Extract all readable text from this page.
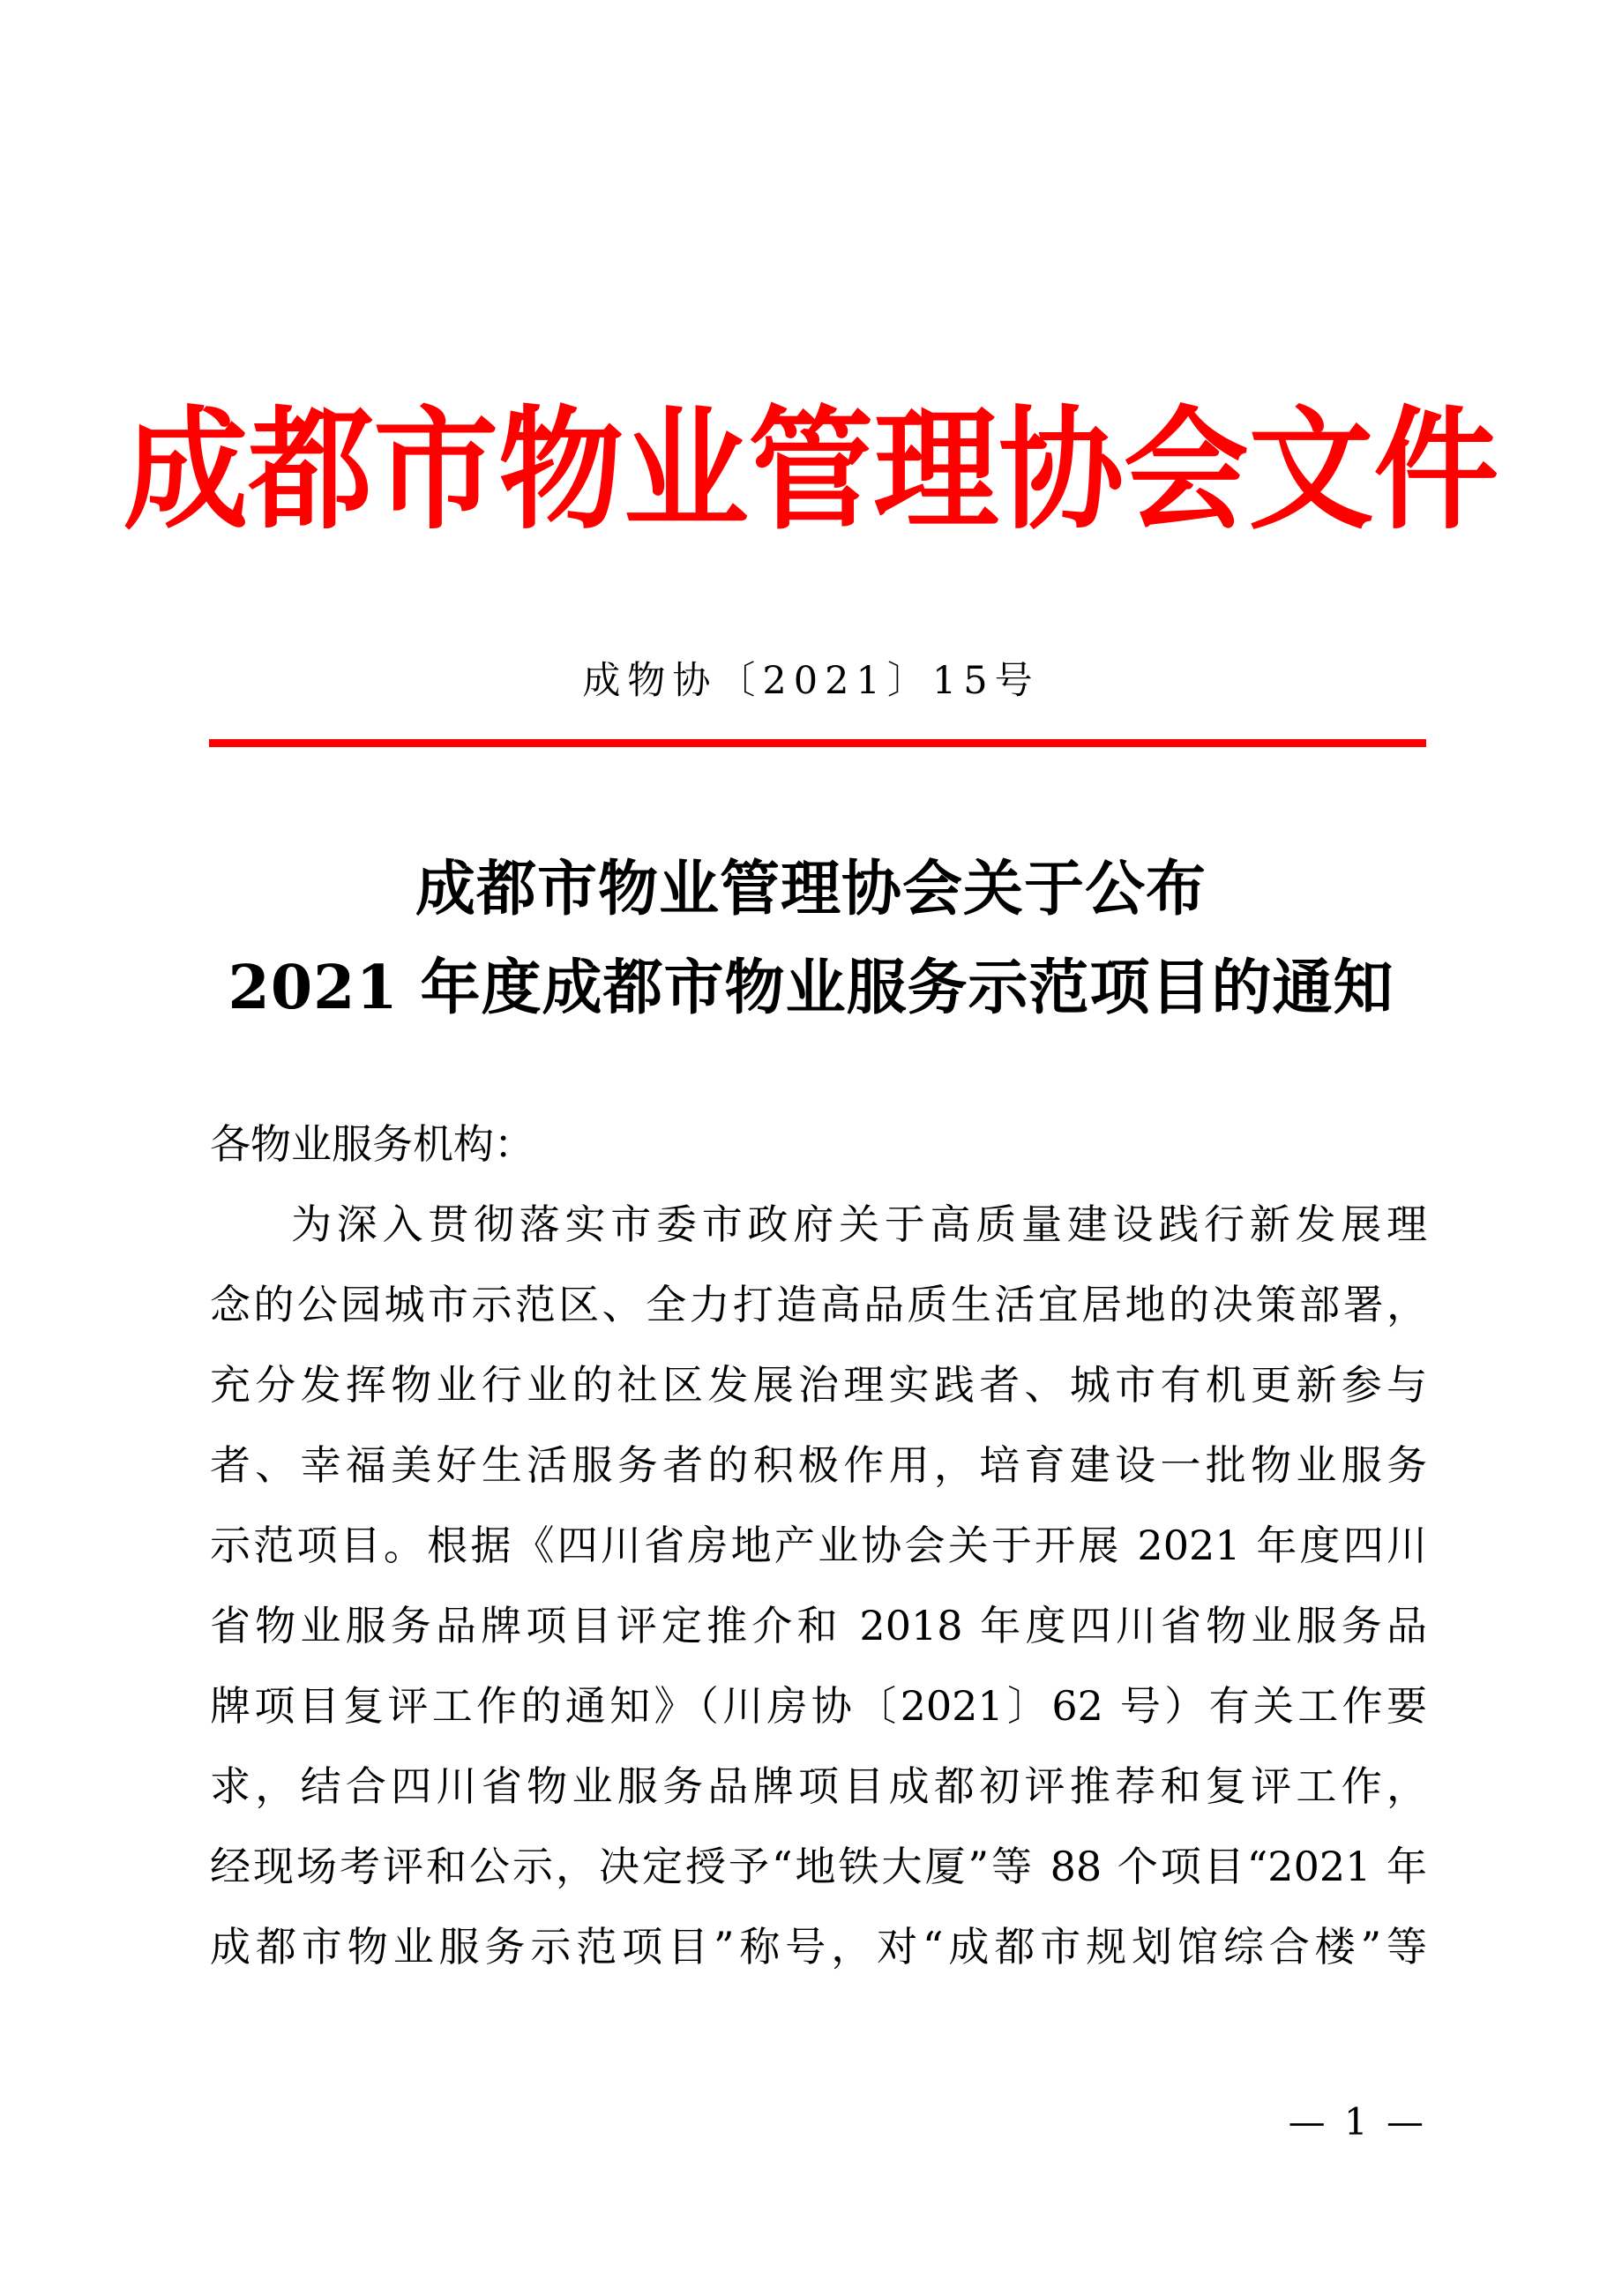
成都市物业管理协会文件
成物协〔2021〕15号
成都市物业管理协会关于公布
2021 年度成都市物业服务示范项目的通知
各物业服务机构：
为深入贯彻落实市委市政府关于高质量建设践行新发展理
念的公园城市示范区、全力打造高品质生活宜居地的决策部署，
充分发挥物业行业的社区发展治理实践者、城市有机更新参与
者、幸福美好生活服务者的积极作用，培育建设一批物业服务
示范项目。根据《四川省房地产业协会关于开展 2021 年度四川
省物业服务品牌项目评定推介和 2018 年度四川省物业服务品
牌项目复评工作的通知》（川房协〔2021〕62 号）有关工作要
求，结合四川省物业服务品牌项目成都初评推荐和复评工作，
经现场考评和公示，决定授予“地铁大厦”等 88 个项目“2021 年
成都市物业服务示范项目”称号，对“成都市规划馆综合楼”等
— 1 —
